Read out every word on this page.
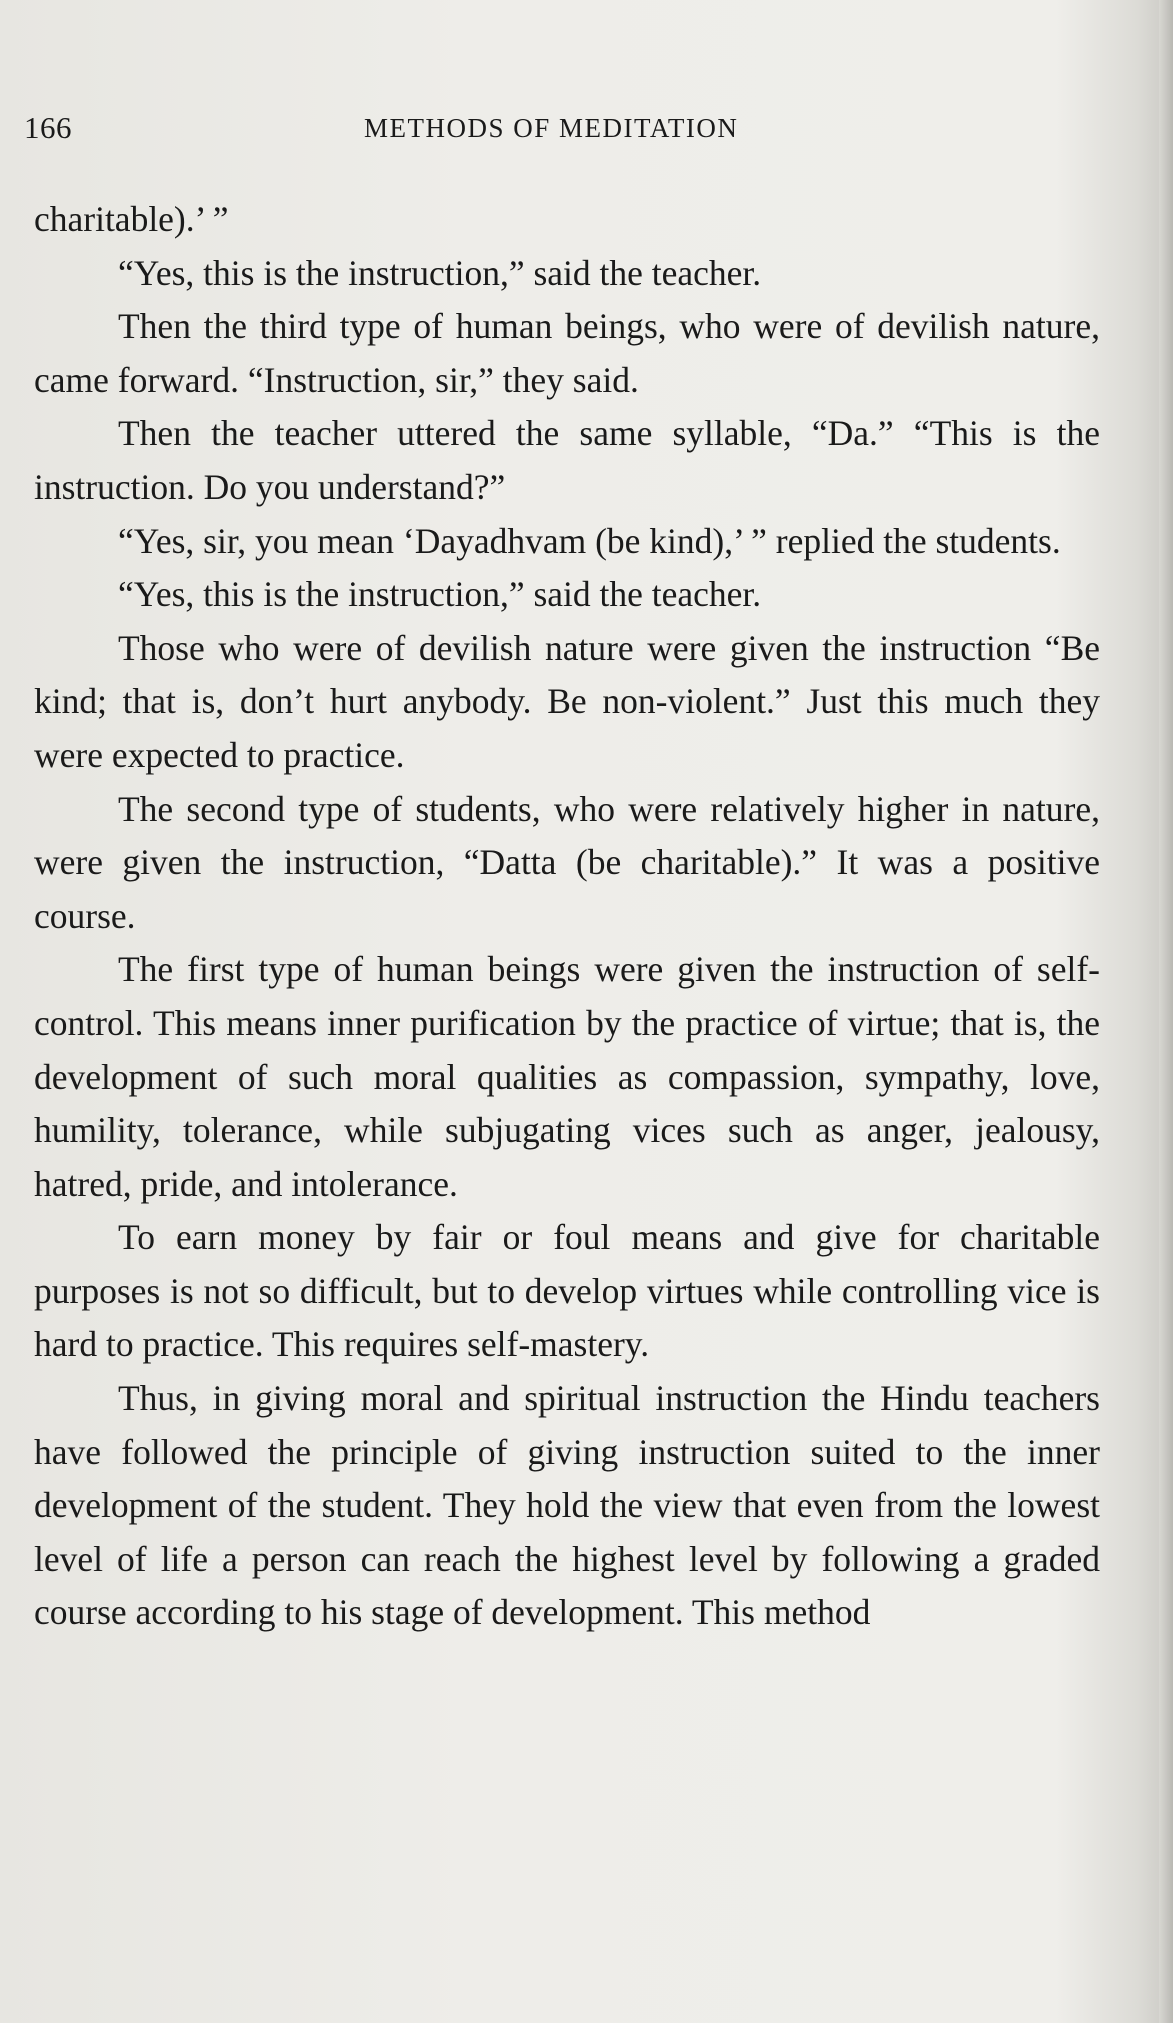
166	METHODS OF MEDITATION

charitable).’ ”

“Yes, this is the instruction,” said the teacher.

Then the third type of human beings, who were of devilish nature, came forward. “Instruction, sir,” they said.

Then the teacher uttered the same syllable, “Da.” “This is the instruction. Do you understand?”

“Yes, sir, you mean ‘Dayadhvam (be kind),’ ” replied the students.

“Yes, this is the instruction,” said the teacher.

Those who were of devilish nature were given the instruction “Be kind; that is, don’t hurt anybody. Be non-violent.” Just this much they were expected to practice.

The second type of students, who were relatively higher in nature, were given the instruction, “Datta (be charitable).” It was a positive course.

The first type of human beings were given the instruction of self-control. This means inner purification by the practice of virtue; that is, the development of such moral qualities as compassion, sympathy, love, humility, tolerance, while subjugating vices such as anger, jealousy, hatred, pride, and intolerance.

To earn money by fair or foul means and give for charitable purposes is not so difficult, but to develop virtues while controlling vice is hard to practice. This requires self-mastery.

Thus, in giving moral and spiritual instruction the Hindu teachers have followed the principle of giving instruction suited to the inner development of the student. They hold the view that even from the lowest level of life a person can reach the highest level by following a graded course according to his stage of development. This method
